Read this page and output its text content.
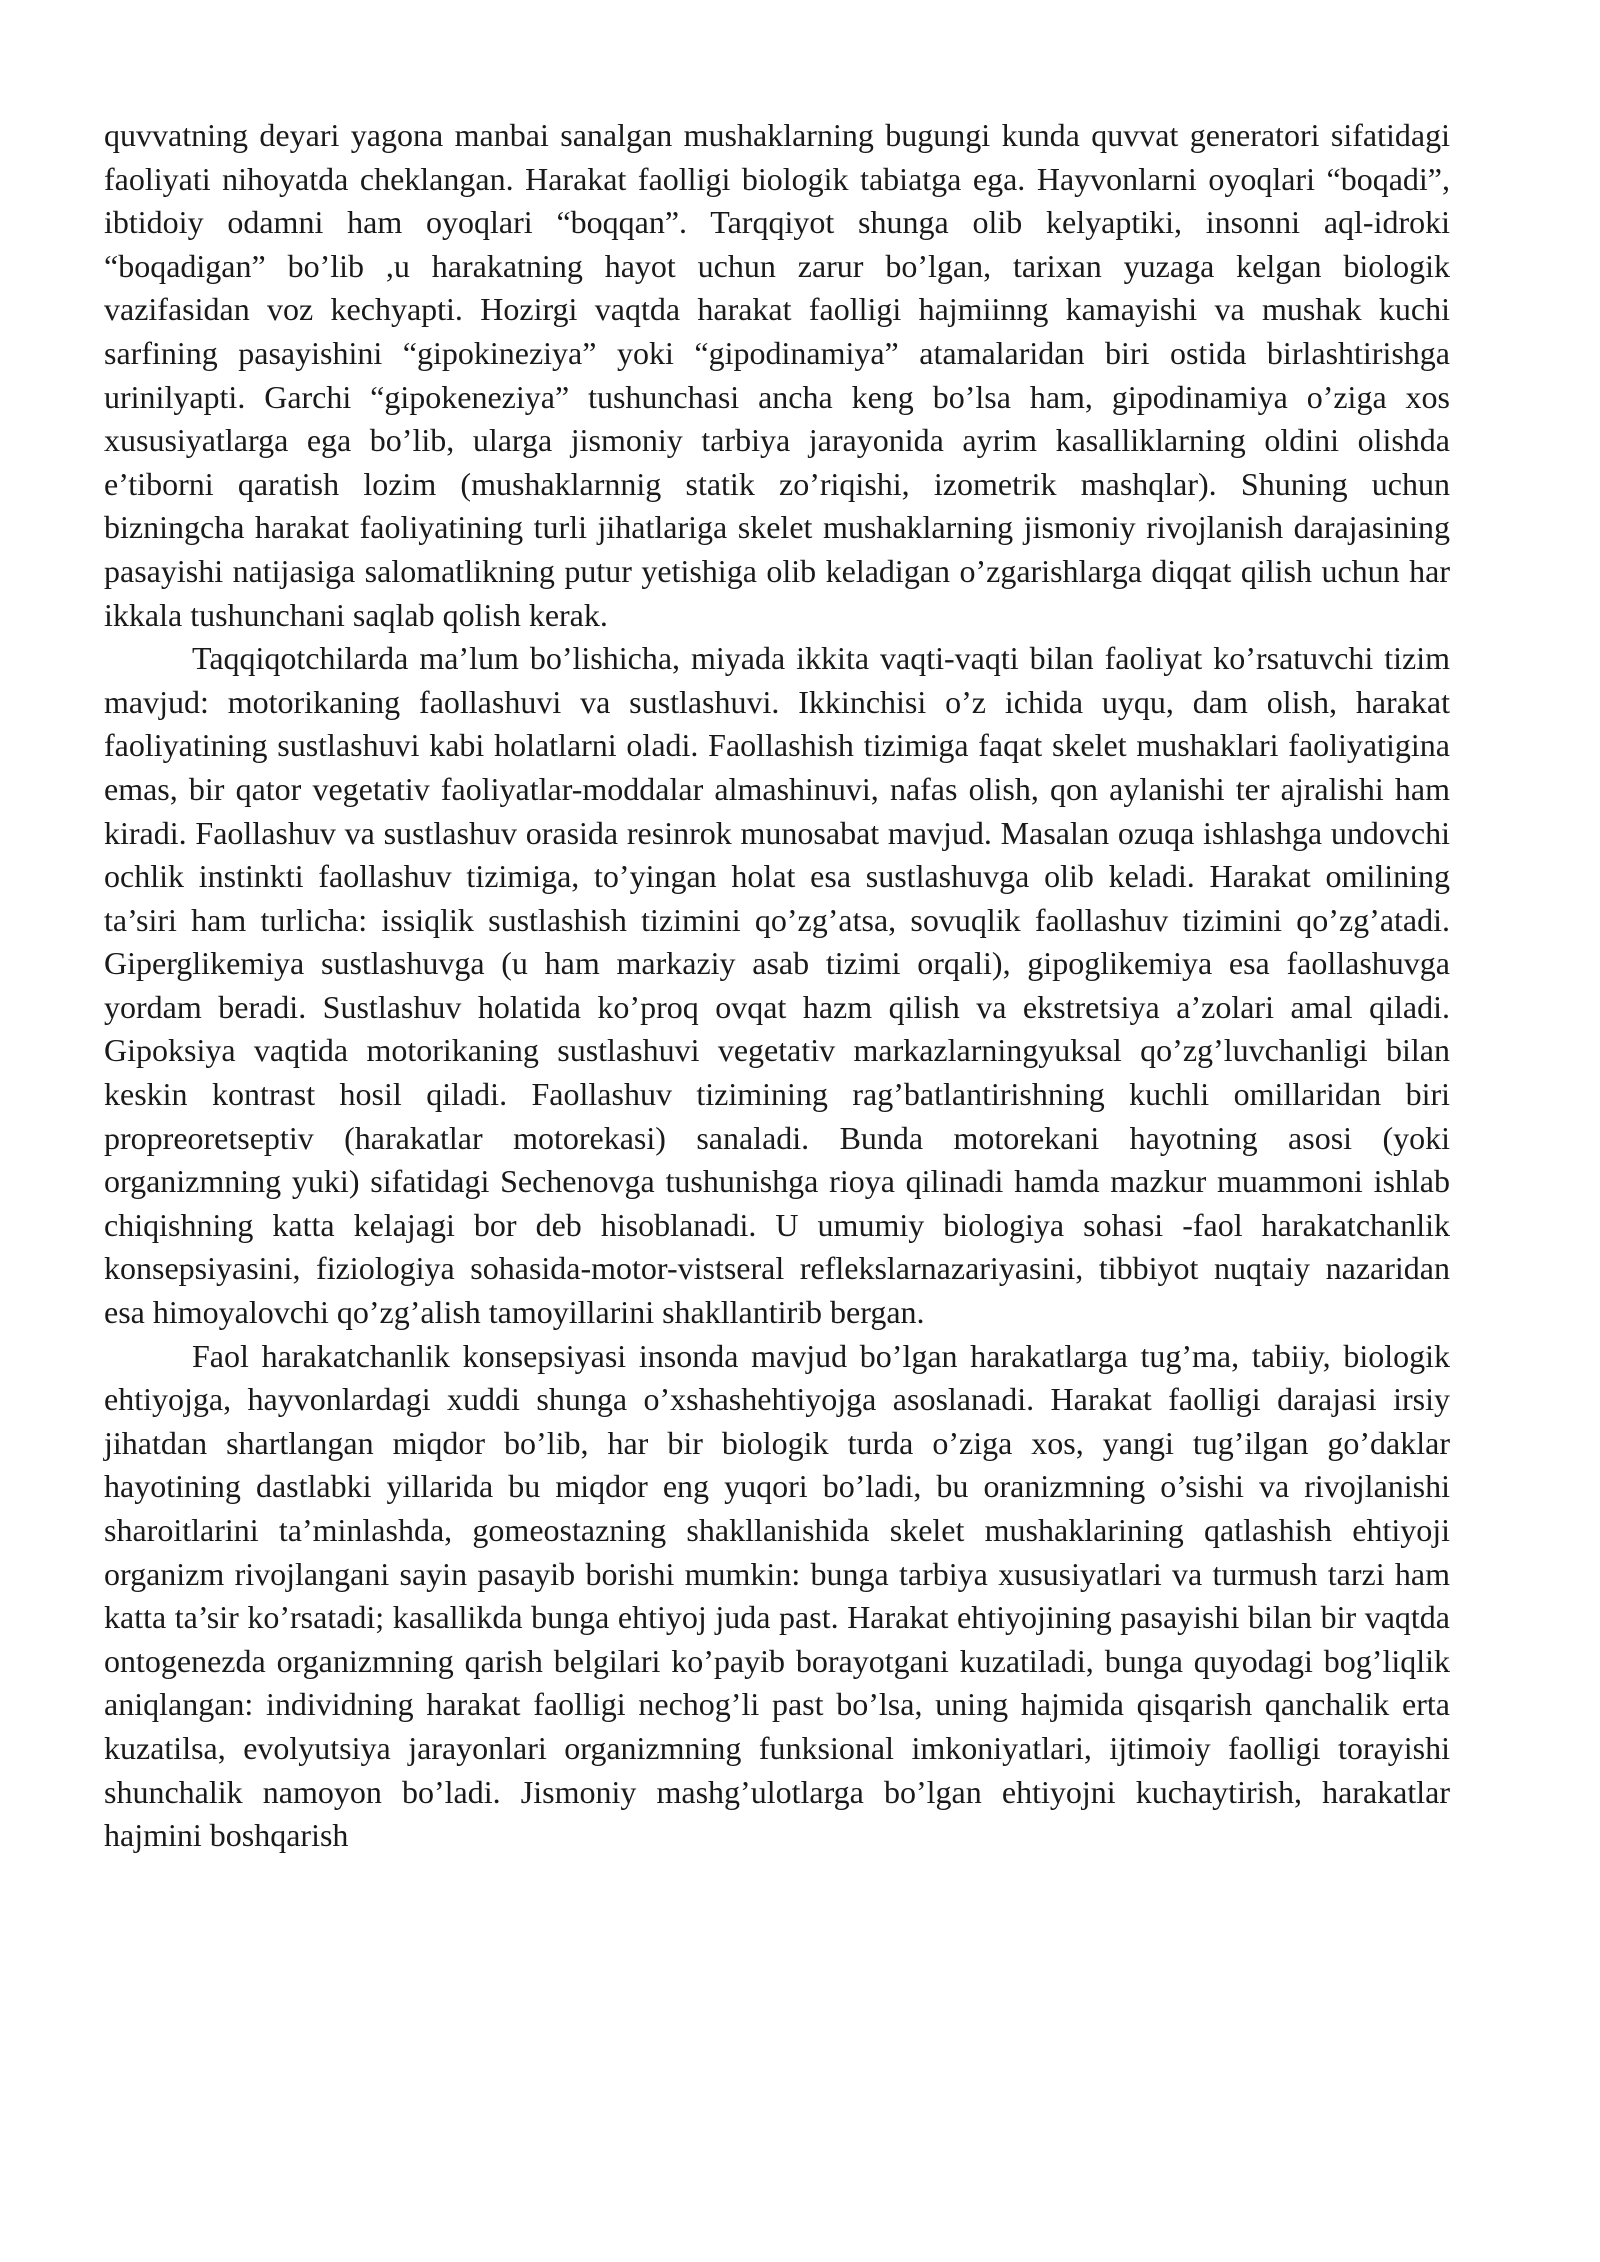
quvvatning deyari yagona manbai sanalgan mushaklarning bugungi kunda quvvat generatori sifatidagi faoliyati nihoyatda cheklangan. Harakat faolligi biologik tabiatga ega. Hayvonlarni oyoqlari “boqadi”, ibtidoiy odamni ham oyoqlari “boqqan”. Tarqqiyot shunga olib kelyaptiki, insonni aql-idroki “boqadigan” bo’lib ,u harakatning hayot uchun zarur bo’lgan, tarixan yuzaga kelgan biologik vazifasidan voz kechyapti. Hozirgi vaqtda harakat faolligi hajmiinng kamayishi va mushak kuchi sarfining pasayishini “gipokineziya” yoki “gipodinamiya” atamalaridan biri ostida birlashtirishga urinilyapti. Garchi “gipokeneziya” tushunchasi ancha keng bo’lsa ham, gipodinamiya o’ziga xos xususiyatlarga ega bo’lib, ularga jismoniy tarbiya jarayonida ayrim kasalliklarning oldini olishda e’tiborni qaratish lozim (mushaklarnnig statik zo’riqishi, izometrik mashqlar). Shuning uchun bizningcha harakat faoliyatining turli jihatlariga skelet mushaklarning jismoniy rivojlanish darajasining pasayishi natijasiga salomatlikning putur yetishiga olib keladigan o’zgarishlarga diqqat qilish uchun har ikkala tushunchani saqlab qolish kerak.

Taqqiqotchilarda ma’lum bo’lishicha, miyada ikkita vaqti-vaqti bilan faoliyat ko’rsatuvchi tizim mavjud: motorikaning faollashuvi va sustlashuvi. Ikkinchisi o’z ichida uyqu, dam olish, harakat faoliyatining sustlashuvi kabi holatlarni oladi. Faollashish tizimiga faqat skelet mushaklari faoliyatigina emas, bir qator vegetativ faoliyatlar-moddalar almashinuvi, nafas olish, qon aylanishi ter ajralishi ham kiradi. Faollashuv va sustlashuv orasida resinrok munosabat mavjud. Masalan ozuqa ishlashga undovchi ochlik instinkti faollashuv tizimiga, to’yingan holat esa sustlashuvga olib keladi. Harakat omilining ta’siri ham turlicha: issiqlik sustlashish tizimini qo’zg’atsa, sovuqlik faollashuv tizimini qo’zg’atadi. Giperglikemiya sustlashuvga (u ham markaziy asab tizimi orqali), gipoglikemiya esa faollashuvga yordam beradi. Sustlashuv holatida ko’proq ovqat hazm qilish va ekstretsiya a’zolari amal qiladi. Gipoksiya vaqtida motorikaning sustlashuvi vegetativ markazlarningyuksal qo’zg’luvchanligi bilan keskin kontrast hosil qiladi. Faollashuv tizimining rag’batlantirishning kuchli omillaridan biri propreoretseptiv (harakatlar motorekasi) sanaladi. Bunda motorekani hayotning asosi (yoki organizmning yuki) sifatidagi Sechenovga tushunishga rioya qilinadi hamda mazkur muammoni ishlab chiqishning katta kelajagi bor deb hisoblanadi. U umumiy biologiya sohasi -faol harakatchanlik konsepsiyasini, fiziologiya sohasida-motor-vistseral reflekslarnazariyasini, tibbiyot nuqtaiy nazaridan esa himoyalovchi qo’zg’alish tamoyillarini shakllantirib bergan.

Faol harakatchanlik konsepsiyasi insonda mavjud bo’lgan harakatlarga tug’ma, tabiiy, biologik ehtiyojga, hayvonlardagi xuddi shunga o’xshashehtiyojga asoslanadi. Harakat faolligi darajasi irsiy jihatdan shartlangan miqdor bo’lib, har bir biologik turda o’ziga xos, yangi tug’ilgan go’daklar hayotining dastlabki yillarida bu miqdor eng yuqori bo’ladi, bu oranizmning o’sishi va rivojlanishi sharoitlarini ta’minlashda, gomeostazning shakllanishida skelet mushaklarining qatlashish ehtiyoji organizm rivojlangani sayin pasayib borishi mumkin: bunga tarbiya xususiyatlari va turmush tarzi ham katta ta’sir ko’rsatadi; kasallikda bunga ehtiyoj juda past. Harakat ehtiyojining pasayishi bilan bir vaqtda ontogenezda organizmning qarish belgilari ko’payib borayotgani kuzatiladi, bunga quyodagi bog’liqlik aniqlangan: individning harakat faolligi nechog’li past bo’lsa, uning hajmida qisqarish qanchalik erta kuzatilsa, evolyutsiya jarayonlari organizmning funksional imkoniyatlari, ijtimoiy faolligi torayishi shunchalik namoyon bo’ladi. Jismoniy mashg’ulotlarga bo’lgan ehtiyojni kuchaytirish, harakatlar hajmini boshqarish
